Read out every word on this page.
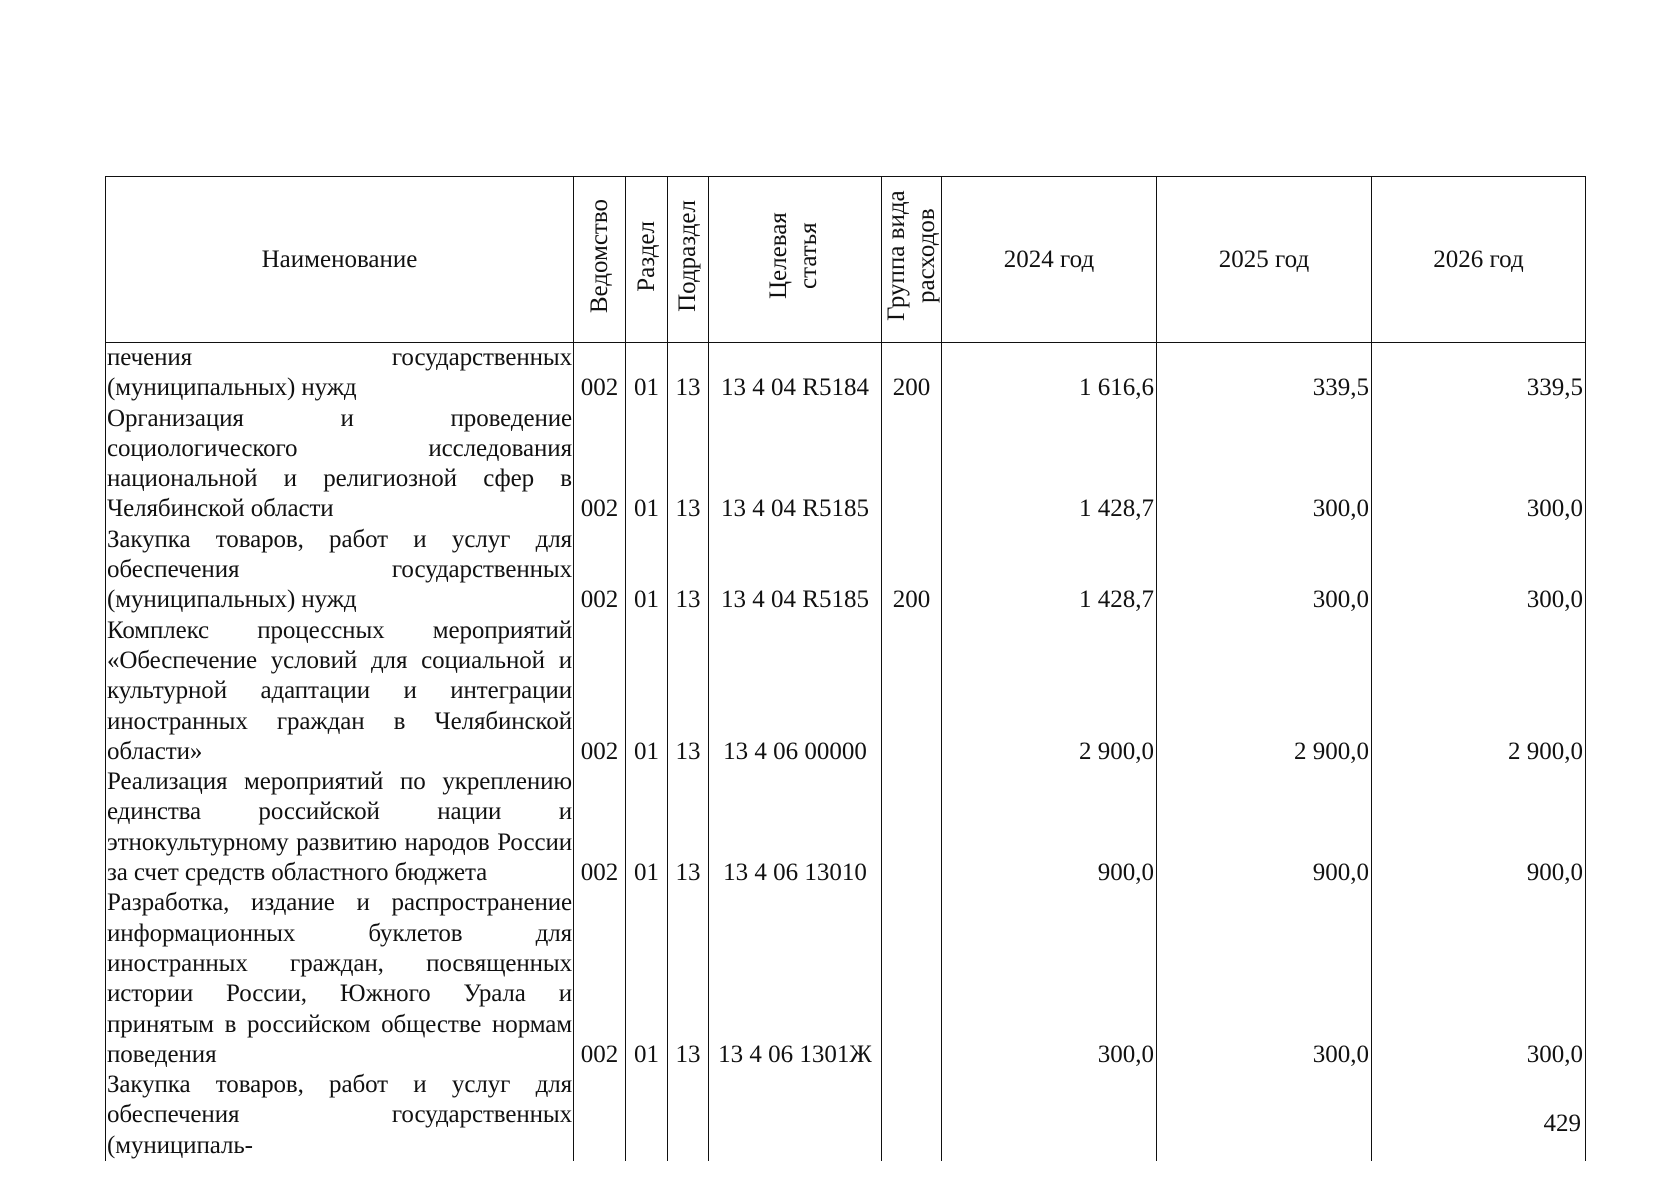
Наименование	Ведомство	Раздел	Подраздел	Целевая статья	Группа вида расходов	2024 год	2025 год	2026 год
печения государственных (муниципальных) нужд	002	01	13	13 4 04 R5184	200	1 616,6	339,5	339,5
Организация и проведение социологического исследования национальной и религиозной сфер в Челябинской области	002	01	13	13 4 04 R5185		1 428,7	300,0	300,0
Закупка товаров, работ и услуг для обеспечения государственных (муниципальных) нужд	002	01	13	13 4 04 R5185	200	1 428,7	300,0	300,0
Комплекс процессных мероприятий «Обеспечение условий для социальной и культурной адаптации и интеграции иностранных граждан в Челябинской области»	002	01	13	13 4 06 00000		2 900,0	2 900,0	2 900,0
Реализация мероприятий по укреплению единства российской нации и этнокультурному развитию народов России за счет средств областного бюджета	002	01	13	13 4 06 13010		900,0	900,0	900,0
Разработка, издание и распространение информационных буклетов для иностранных граждан, посвященных истории России, Южного Урала и принятым в российском обществе нормам поведения	002	01	13	13 4 06 1301Ж		300,0	300,0	300,0
Закупка товаров, работ и услуг для обеспечения государственных (муниципаль-								
429
